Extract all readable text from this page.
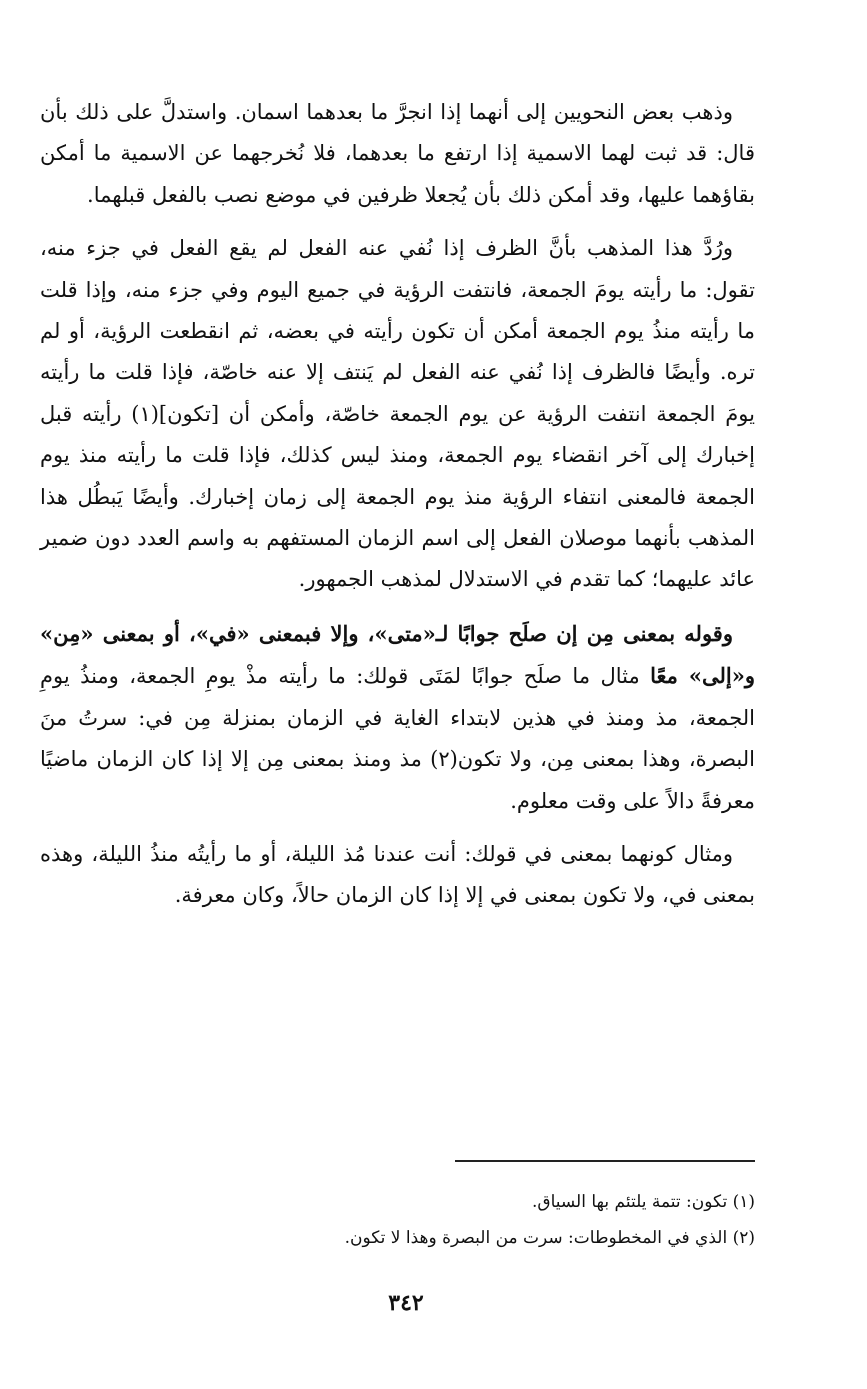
وذهب بعض النحويين إلى أنهما إذا انجرَّ ما بعدهما اسمان. واستدلَّ على ذلك بأن قال: قد ثبت لهما الاسمية إذا ارتفع ما بعدهما، فلا نُخرجهما عن الاسمية ما أمكن بقاؤهما عليها، وقد أمكن ذلك بأن يُجعلا ظرفين في موضع نصب بالفعل قبلهما.

ورُدَّ هذا المذهب بأنَّ الظرف إذا نُفي عنه الفعل لم يقع الفعل في جزء منه، تقول: ما رأيته يومَ الجمعة، فانتفت الرؤية في جميع اليوم وفي جزء منه، وإذا قلت ما رأيته منذُ يوم الجمعة أمكن أن تكون رأيته في بعضه، ثم انقطعت الرؤية، أو لم تره. وأيضًا فالظرف إذا نُفي عنه الفعل لم يَنتف إلا عنه خاصّة، فإذا قلت ما رأيته يومَ الجمعة انتفت الرؤية عن يوم الجمعة خاصّة، وأمكن أن [تكون](١) رأيته قبل إخبارك إلى آخر انقضاء يوم الجمعة، ومنذ ليس كذلك، فإذا قلت ما رأيته منذ يوم الجمعة فالمعنى انتفاء الرؤية منذ يوم الجمعة إلى زمان إخبارك. وأيضًا يَبطُل هذا المذهب بأنهما موصلان الفعل إلى اسم الزمان المستفهم به واسم العدد دون ضمير عائد عليهما؛ كما تقدم في الاستدلال لمذهب الجمهور.

وقوله بمعنى مِن إن صلَح جوابًا لـ«متى»، وإلا فبمعنى «في»، أو بمعنى «مِن» و«إلى» معًا مثال ما صلَح جوابًا لمَتَى قولك: ما رأيته مذْ يومِ الجمعة، ومنذُ يومِ الجمعة، مذ ومنذ في هذين لابتداء الغاية في الزمان بمنزلة مِن في: سرتُ منَ البصرة، وهذا بمعنى مِن، ولا تكون(٢) مذ ومنذ بمعنى مِن إلا إذا كان الزمان ماضيًا معرفةً دالاً على وقت معلوم.

ومثال كونهما بمعنى في قولك: أنت عندنا مُذ الليلة، أو ما رأيتُه منذُ الليلة، وهذه بمعنى في، ولا تكون بمعنى في إلا إذا كان الزمان حالاً، وكان معرفة.

(١) تكون: تتمة يلتئم بها السياق.
(٢) الذي في المخطوطات: سرت من البصرة وهذا لا تكون.
٣٤٢
